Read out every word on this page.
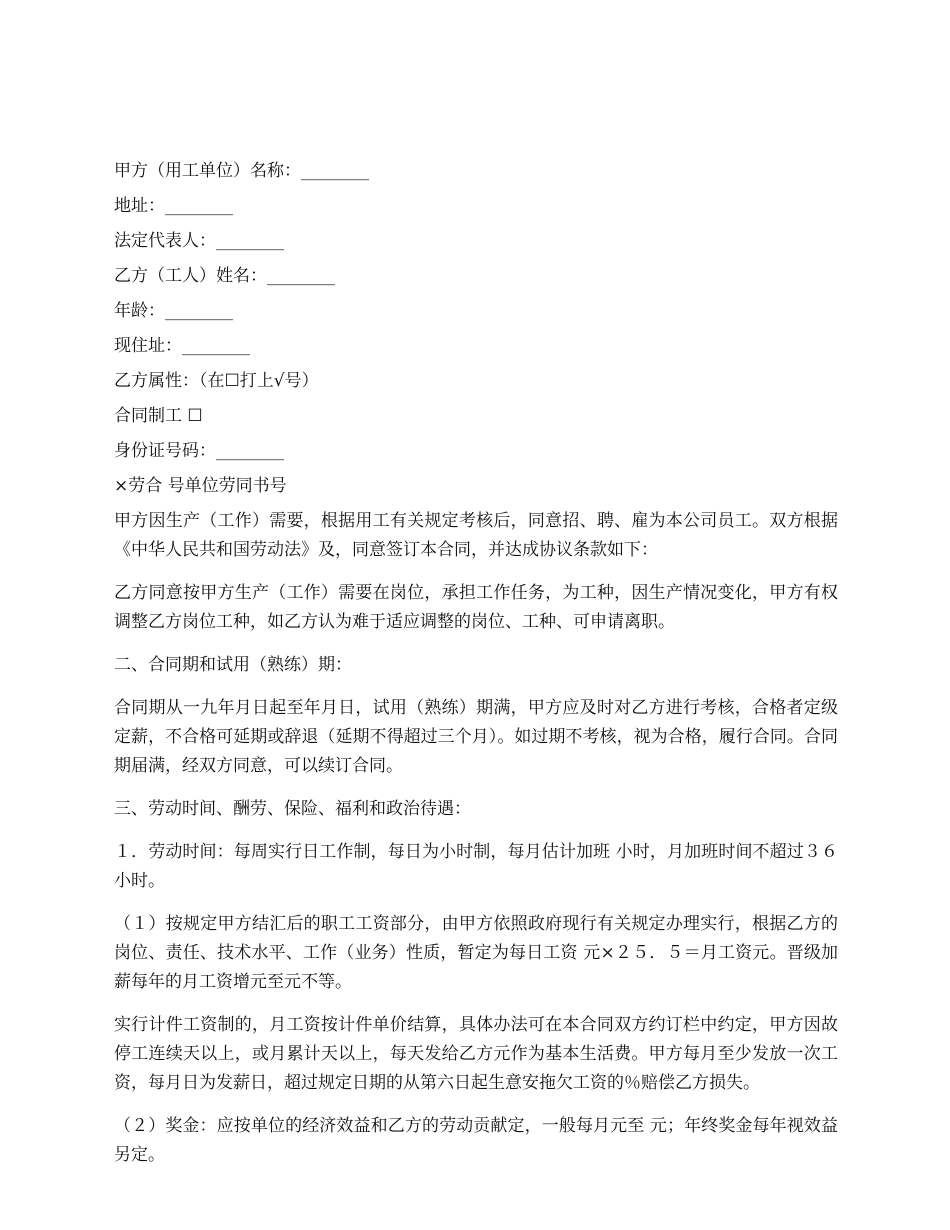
甲方（用工单位）名称：________

地址：________

法定代表人：________

乙方（工人）姓名：________

年龄：________

现住址：________

乙方属性：（在☐打上√号）

合同制工 ☐

身份证号码：________

×劳合 号单位劳同书号

甲方因生产（工作）需要，根据用工有关规定考核后，同意招、聘、雇为本公司员工。双方根据《中华人民共和国劳动法》及，同意签订本合同，并达成协议条款如下：

乙方同意按甲方生产（工作）需要在岗位，承担工作任务，为工种，因生产情况变化，甲方有权调整乙方岗位工种，如乙方认为难于适应调整的岗位、工种、可申请离职。

二、合同期和试用（熟练）期：

合同期从一九年月日起至年月日，试用（熟练）期满，甲方应及时对乙方进行考核，合格者定级定薪，不合格可延期或辞退（延期不得超过三个月）。如过期不考核，视为合格，履行合同。合同期届满，经双方同意，可以续订合同。

三、劳动时间、酬劳、保险、福利和政治待遇：

１．劳动时间：每周实行日工作制，每日为小时制，每月估计加班 小时，月加班时间不超过３６小时。

（１）按规定甲方结汇后的职工工资部分，由甲方依照政府现行有关规定办理实行，根据乙方的岗位、责任、技术水平、工作（业务）性质，暂定为每日工资 元×２５．５＝月工资元。晋级加薪每年的月工资增元至元不等。

实行计件工资制的，月工资按计件单价结算，具体办法可在本合同双方约订栏中约定，甲方因故停工连续天以上，或月累计天以上，每天发给乙方元作为基本生活费。甲方每月至少发放一次工资，每月日为发薪日，超过规定日期的从第六日起生意安拖欠工资的％赔偿乙方损失。

（２）奖金：应按单位的经济效益和乙方的劳动贡献定，一般每月元至 元；年终奖金每年视效益另定。
